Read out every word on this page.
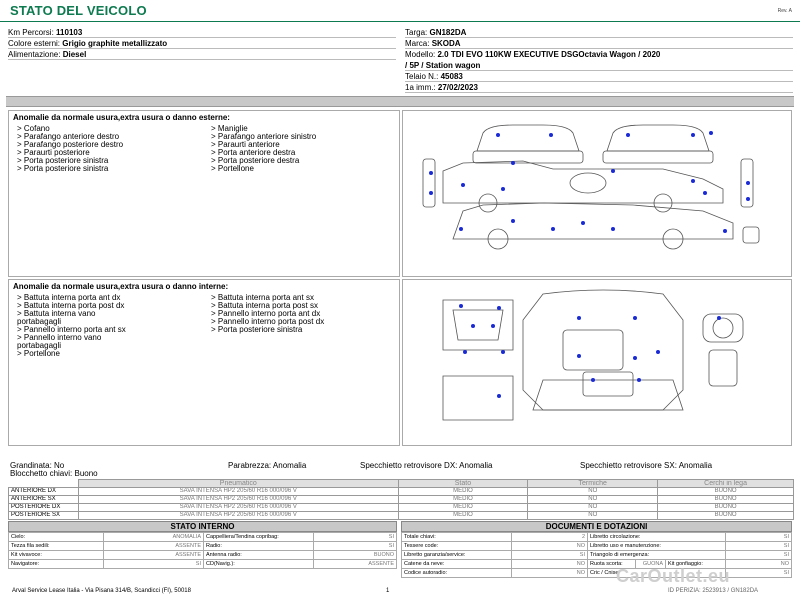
STATO DEL VEICOLO	Rev. A
Km Percorsi: 110103
Colore esterni: Grigio graphite metallizzato
Alimentazione: Diesel
Targa: GN182DA
Marca: SKODA
Modello: 2.0 TDI EVO 110KW EXECUTIVE DSGOctavia Wagon / 2020
/ 5P / Station wagon
Telaio N.: 45083
1a imm.: 27/02/2023
Anomalie da normale usura,extra usura o danno esterne:
> Cofano
> Parafango anteriore destro
> Parafango posteriore destro
> Paraurti posteriore
> Porta posteriore sinistra
> Porta posteriore sinistra
> Maniglie
> Parafango anteriore sinistro
> Paraurti anteriore
> Porta anteriore destra
> Porta posteriore destra
> Portellone
Anomalie da normale usura,extra usura o danno interne:
> Battuta interna porta ant dx
> Battuta interna porta post dx
> Battuta interna vano
portabagagli
> Pannello interno porta ant sx
> Pannello interno vano
portabagagli
> Portellone
> Battuta interna porta ant sx
> Battuta interna porta post sx
> Pannello interno porta ant dx
> Pannello interno porta post dx
> Porta posteriore sinistra
Grandinata: No
Blocchetto chiavi: Buono
Parabrezza: Anomalia	Specchietto retrovisore DX: Anomalia	Specchietto retrovisore SX: Anomalia
	Pneumatico	Stato	Termiche	Cerchi in lega
ANTERIORE DX	SAVA INTENSA HP2 205/60 R16 000/096 V	MEDIO	NO	BUONO
ANTERIORE SX	SAVA INTENSA HP2 205/60 R16 000/096 V	MEDIO	NO	BUONO
POSTERIORE DX	SAVA INTENSA HP2 205/60 R16 000/096 V	MEDIO	NO	BUONO
POSTERIORE SX	SAVA INTENSA HP2 205/60 R16 000/096 V	MEDIO	NO	BUONO
STATO INTERNO
Cielo:	ANOMALIA	Cappelliera/Tendina copribag:	SI
Tezza fila sedili:	ASSENTE	Radio:	SI
Kit vivavoce:	ASSENTE	Antenna radio:	BUONO
Navigatore:	SI	CD(Navig.):	ASSENTE
DOCUMENTI E DOTAZIONI
Totale chiavi:	2	Libretto circolazione:			SI
Tessere code:	NO	Libretto uso e manutenzione:			SI
Libretto garanzia/service:	SI	Triangolo di emergenza:			SI
Catene da neve:	NO	Ruota scorta:	GUONA	Kit gonfiaggio:	NO
Codice autoradio:	NO	Cric / Cnise:			SI
Arval Service Lease Italia - Via Pisana 314/B, Scandicci (FI), 50018	1	ID PERIZIA: 2523913 / GN182DA
CarOutlet.eu
